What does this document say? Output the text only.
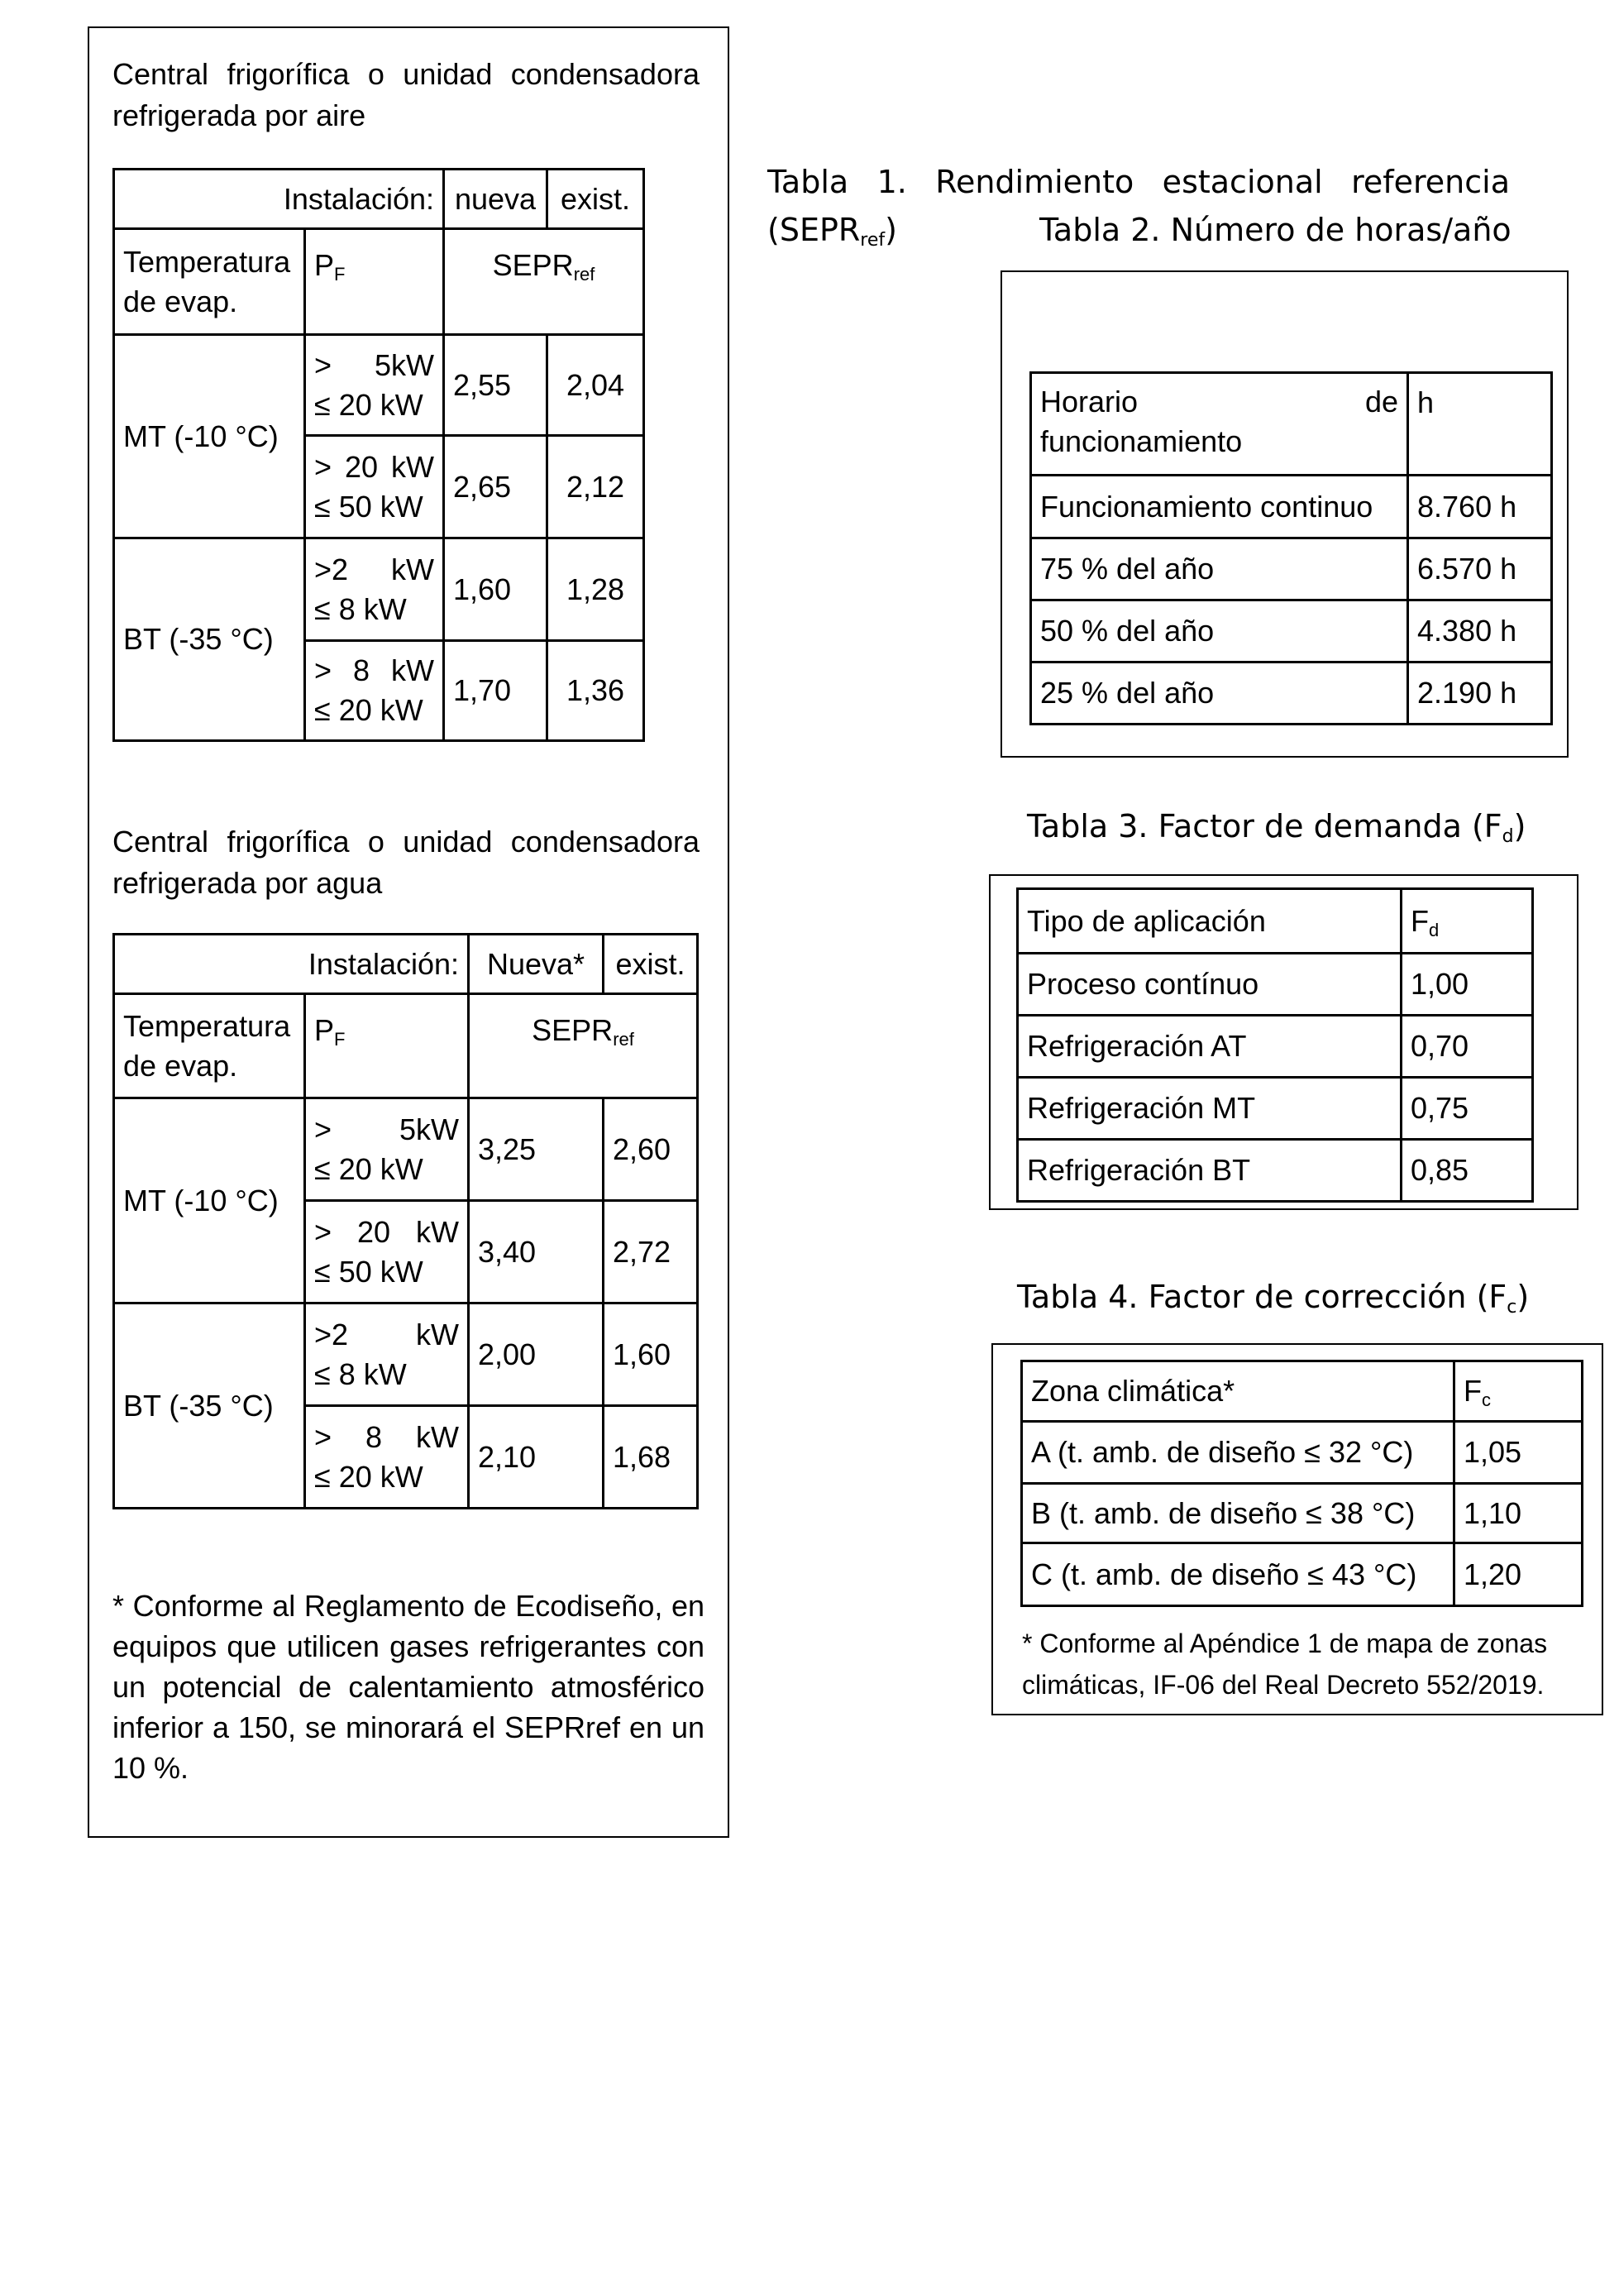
Central frigorífica o unidad condensadora
refrigerada por aire
Instalación:		nueva	exist.

Temperatura
de evap.	$P_F$	$SEPR_{ref}$
MT (-10 °C)	> 5kW
≤ 20 kW	2,55	2,04

	> 20 kW
≤ 50 kW	2,65	2,12
BT (-35 °C)	>2 kW
≤ 8 kW	1,60	1,28

	> 8 kW
≤ 20 kW	1,70	1,36
Central frigorífica o unidad condensadora
refrigerada por agua
Instalación:		Nueva*	exist.

Temperatura
de evap.	$P_F$	$SEPR_{ref}$
MT (-10 °C)	> 5kW
≤ 20 kW	3,25	2,60

	> 20 kW
≤ 50 kW	3,40	2,72
BT (-35 °C)	>2 kW
≤ 8 kW	2,00	1,60

	> 8 kW
≤ 20 kW	2,10	1,68
* Conforme al Reglamento de Ecodiseño, en equipos que utilicen gases refrigerantes con un potencial de calentamiento atmosférico inferior a 150, se minorará el SEPRref en un 10 %.
Tabla 1. Rendimiento estacional referencia
$(SEPR_{ref})$	Tabla 2. Número de horas/año
Horario de
funcionamiento	h
Funcionamiento continuo	8.760 h
75 % del año	6.570 h
50 % del año	4.380 h
25 % del año	2.190 h
Tabla 3. Factor de demanda $(F_d)$
Tipo de aplicación	$F_d$
Proceso contínuo	1,00
Refrigeración AT	0,70
Refrigeración MT	0,75
Refrigeración BT	0,85
Tabla 4. Factor de corrección $(F_c)$
Zona climática*	$F_c$
A (t. amb. de diseño ≤ 32 °C)	1,05
B (t. amb. de diseño ≤ 38 °C)	1,10
C (t. amb. de diseño ≤ 43 °C)	1,20
* Conforme al Apéndice 1 de mapa de zonas
climáticas, IF-06 del Real Decreto 552/2019.
